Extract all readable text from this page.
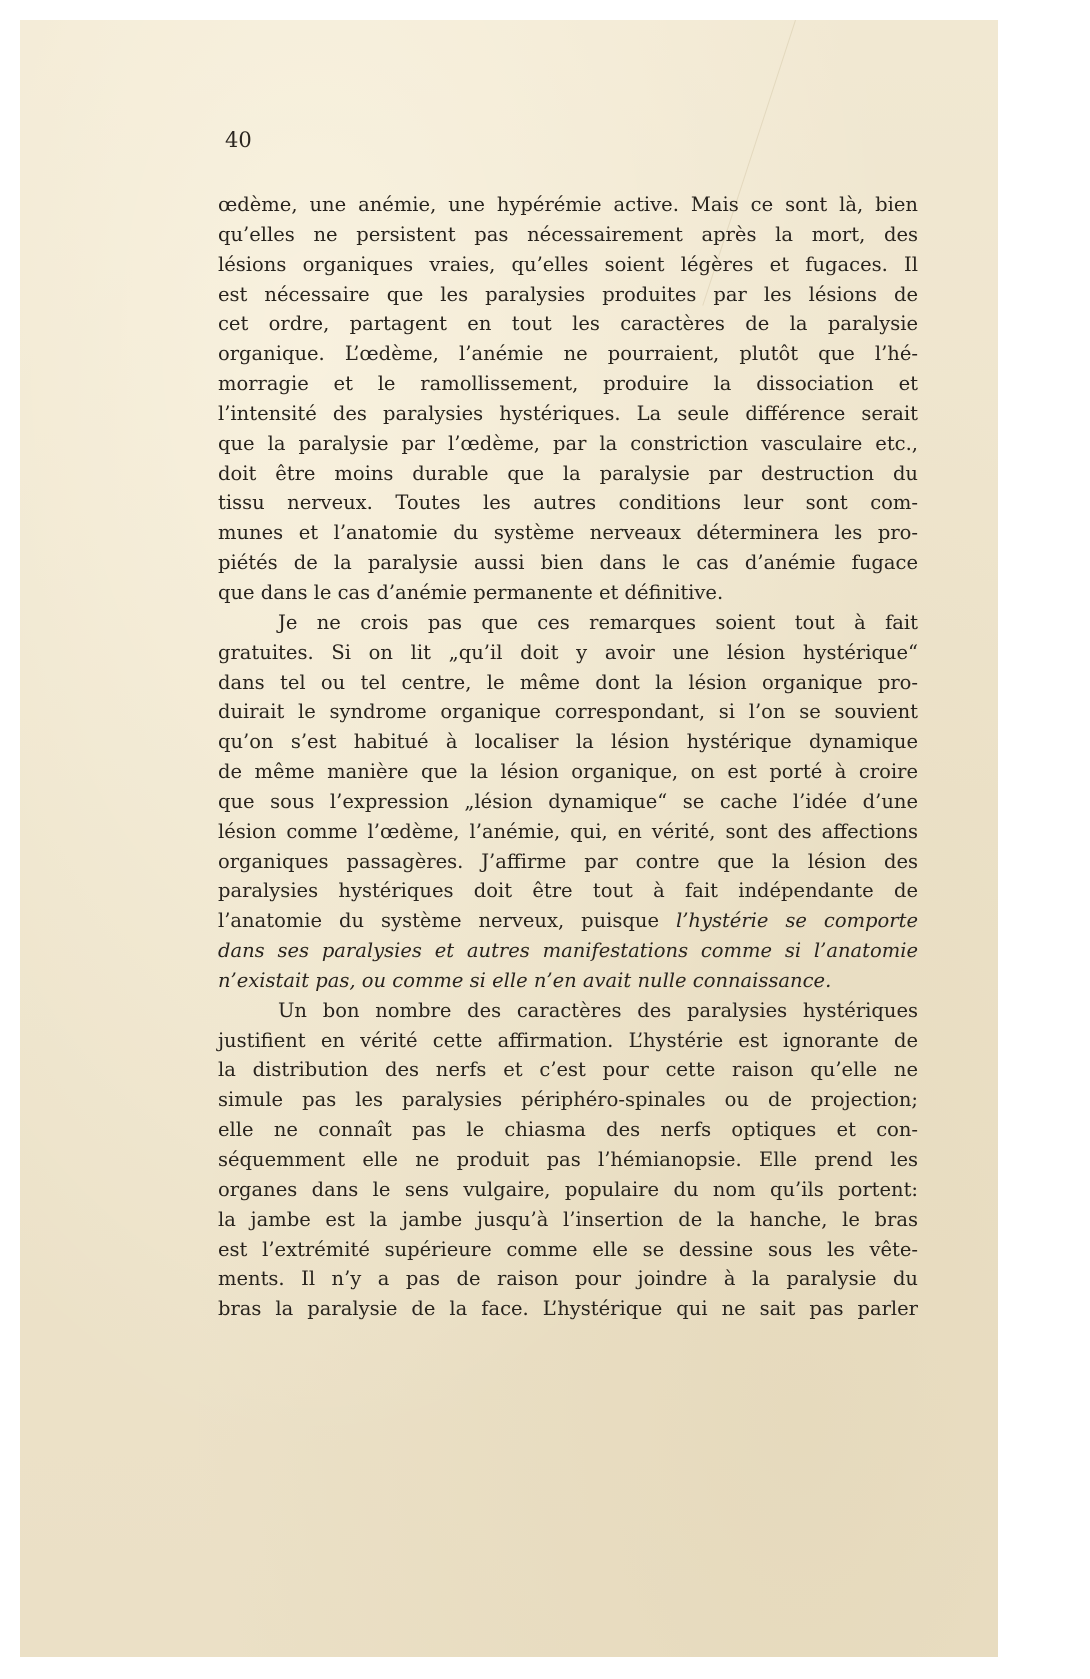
40
œdème, une anémie, une hypérémie active. Mais ce sont là, bien
qu’elles ne persistent pas nécessairement après la mort, des
lésions organiques vraies, qu’elles soient légères et fugaces. Il
est nécessaire que les paralysies produites par les lésions de
cet ordre, partagent en tout les caractères de la paralysie
organique. L’œdème, l’anémie ne pourraient, plutôt que l’hé-
morragie et le ramollissement, produire la dissociation et
l’intensité des paralysies hystériques. La seule différence serait
que la paralysie par l’œdème, par la constriction vasculaire etc.,
doit être moins durable que la paralysie par destruction du
tissu nerveux. Toutes les autres conditions leur sont com-
munes et l’anatomie du système nerveaux déterminera les pro-
piétés de la paralysie aussi bien dans le cas d’anémie fugace
que dans le cas d’anémie permanente et définitive.
Je ne crois pas que ces remarques soient tout à fait
gratuites. Si on lit „qu’il doit y avoir une lésion hystérique“
dans tel ou tel centre, le même dont la lésion organique pro-
duirait le syndrome organique correspondant, si l’on se souvient
qu’on s’est habitué à localiser la lésion hystérique dynamique
de même manière que la lésion organique, on est porté à croire
que sous l’expression „lésion dynamique“ se cache l’idée d’une
lésion comme l’œdème, l’anémie, qui, en vérité, sont des affections
organiques passagères. J’affirme par contre que la lésion des
paralysies hystériques doit être tout à fait indépendante de
l’anatomie du système nerveux, puisque l’hystérie se comporte
dans ses paralysies et autres manifestations comme si l’anatomie
n’existait pas, ou comme si elle n’en avait nulle connaissance.
Un bon nombre des caractères des paralysies hystériques
justifient en vérité cette affirmation. L’hystérie est ignorante de
la distribution des nerfs et c’est pour cette raison qu’elle ne
simule pas les paralysies périphéro-spinales ou de projection;
elle ne connaît pas le chiasma des nerfs optiques et con-
séquemment elle ne produit pas l’hémianopsie. Elle prend les
organes dans le sens vulgaire, populaire du nom qu’ils portent:
la jambe est la jambe jusqu’à l’insertion de la hanche, le bras
est l’extrémité supérieure comme elle se dessine sous les vête-
ments. Il n’y a pas de raison pour joindre à la paralysie du
bras la paralysie de la face. L’hystérique qui ne sait pas parler
